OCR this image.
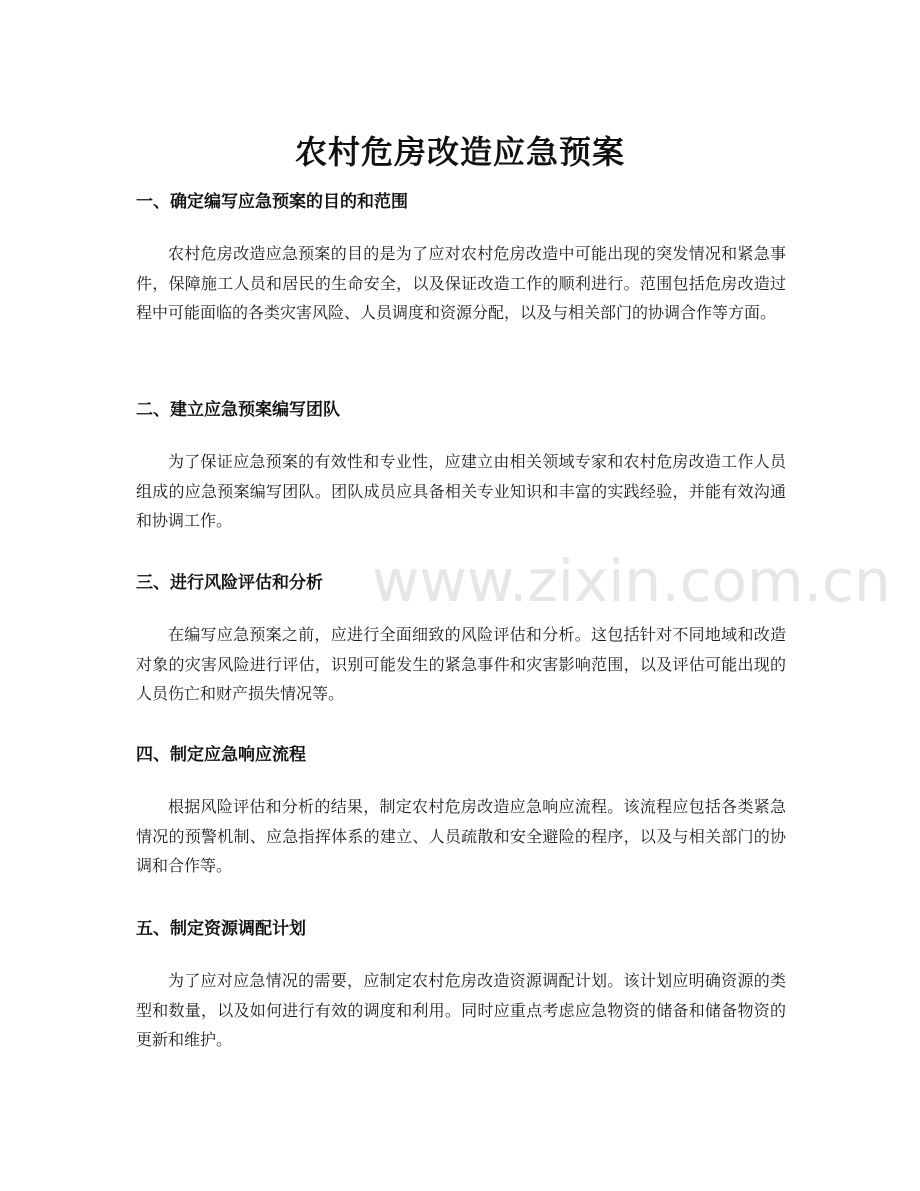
农村危房改造应急预案
www.zixin.com.cn
一、确定编写应急预案的目的和范围

农村危房改造应急预案的目的是为了应对农村危房改造中可能出现的突发情况和紧急事件，保障施工人员和居民的生命安全，以及保证改造工作的顺利进行。范围包括危房改造过程中可能面临的各类灾害风险、人员调度和资源分配，以及与相关部门的协调合作等方面。

二、建立应急预案编写团队

为了保证应急预案的有效性和专业性，应建立由相关领域专家和农村危房改造工作人员组成的应急预案编写团队。团队成员应具备相关专业知识和丰富的实践经验，并能有效沟通和协调工作。

三、进行风险评估和分析

在编写应急预案之前，应进行全面细致的风险评估和分析。这包括针对不同地域和改造对象的灾害风险进行评估，识别可能发生的紧急事件和灾害影响范围，以及评估可能出现的人员伤亡和财产损失情况等。

四、制定应急响应流程

根据风险评估和分析的结果，制定农村危房改造应急响应流程。该流程应包括各类紧急情况的预警机制、应急指挥体系的建立、人员疏散和安全避险的程序，以及与相关部门的协调和合作等。

五、制定资源调配计划

为了应对应急情况的需要，应制定农村危房改造资源调配计划。该计划应明确资源的类型和数量，以及如何进行有效的调度和利用。同时应重点考虑应急物资的储备和储备物资的更新和维护。
